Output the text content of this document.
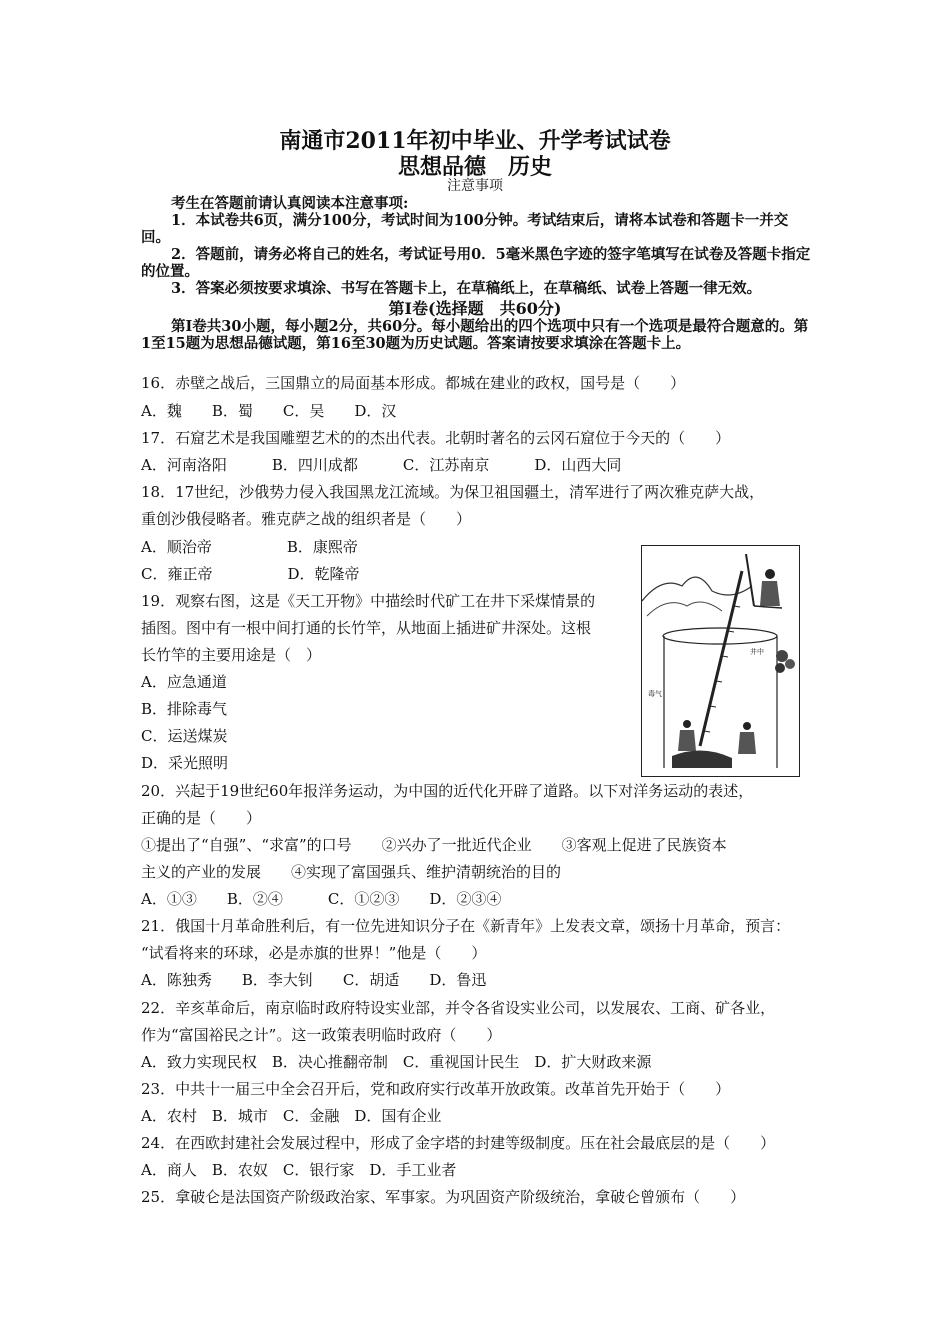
南通市2011年初中毕业、升学考试试卷
思想品德　历史
注意事项
考生在答题前请认真阅读本注意事项:
1．本试卷共6页，满分100分，考试时间为100分钟。考试结束后，请将本试卷和答题卡一并交回。
2．答题前，请务必将自己的姓名，考试证号用0．5毫米黑色字迹的签字笔填写在试卷及答题卡指定的位置。
3．答案必须按要求填涂、书写在答题卡上，在草稿纸上，在草稿纸、试卷上答题一律无效。
第Ⅰ卷(选择题　共60分)
第Ⅰ卷共30小题，每小题2分，共60分。每小题给出的四个选项中只有一个选项是最符合题意的。第1至15题为思想品德试题，第16至30题为历史试题。答案请按要求填涂在答题卡上。
16．赤壁之战后，三国鼎立的局面基本形成。都城在建业的政权，国号是（　　）
A．魏　　B．蜀　　C．吴　　D．汉
17．石窟艺术是我国雕塑艺术的的杰出代表。北朝时著名的云冈石窟位于今天的（　　）
A．河南洛阳　　　B．四川成都　　　C．江苏南京　　　D．山西大同
18．17世纪，沙俄势力侵入我国黑龙江流域。为保卫祖国疆土，清军进行了两次雅克萨大战，
重创沙俄侵略者。雅克萨之战的组织者是（　　）
A．顺治帝　　　　　B．康熙帝
C．雍正帝　　　　　D．乾隆帝
19．观察右图，这是《天工开物》中描绘时代矿工在井下采煤情景的
插图。图中有一根中间打通的长竹竿，从地面上插进矿井深处。这根
长竹竿的主要用途是（　）
A．应急通道
B．排除毒气
C．运送煤炭
D．采光照明
20．兴起于19世纪60年报洋务运动，为中国的近代化开辟了道路。以下对洋务运动的表述，
正确的是（　　）
①提出了“自强”、“求富”的口号　　②兴办了一批近代企业　　③客观上促进了民族资本
主义的产业的发展　　④实现了富国强兵、维护清朝统治的目的
A．①③　　B．②④　　　C．①②③　　D．②③④
21．俄国十月革命胜利后，有一位先进知识分子在《新青年》上发表文章，颂扬十月革命，预言：
“试看将来的环球，必是赤旗的世界！”他是（　　）
A．陈独秀　　B．李大钊　　C．胡适　　D．鲁迅
22．辛亥革命后，南京临时政府特设实业部，并令各省设实业公司，以发展农、工商、矿各业，
作为“富国裕民之计”。这一政策表明临时政府（　　）
A．致力实现民权　B．决心推翻帝制　C．重视国计民生　D．扩大财政来源
23．中共十一届三中全会召开后，党和政府实行改革开放政策。改革首先开始于（　　）
A．农村　B．城市　C．金融　D．国有企业
24．在西欧封建社会发展过程中，形成了金字塔的封建等级制度。压在社会最底层的是（　　）
A．商人　B．农奴　C．银行家　D．手工业者
25．拿破仑是法国资产阶级政治家、军事家。为巩固资产阶级统治，拿破仑曾颁布（　　）
井中
毒气
